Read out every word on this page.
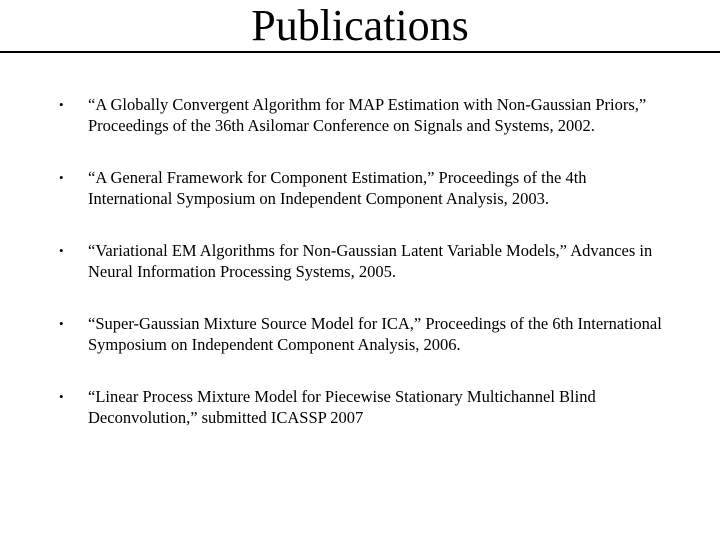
Publications
• “A Globally Convergent Algorithm for MAP Estimation with Non-Gaussian Priors,” Proceedings of the 36th Asilomar Conference on Signals and Systems, 2002.
• “A General Framework for Component Estimation,” Proceedings of the 4th International Symposium on Independent Component Analysis, 2003.
• “Variational EM Algorithms for Non-Gaussian Latent Variable Models,” Advances in Neural Information Processing Systems, 2005.
• “Super-Gaussian Mixture Source Model for ICA,” Proceedings of the 6th International Symposium on Independent Component Analysis, 2006.
• “Linear Process Mixture Model for Piecewise Stationary Multichannel Blind Deconvolution,” submitted ICASSP 2007
